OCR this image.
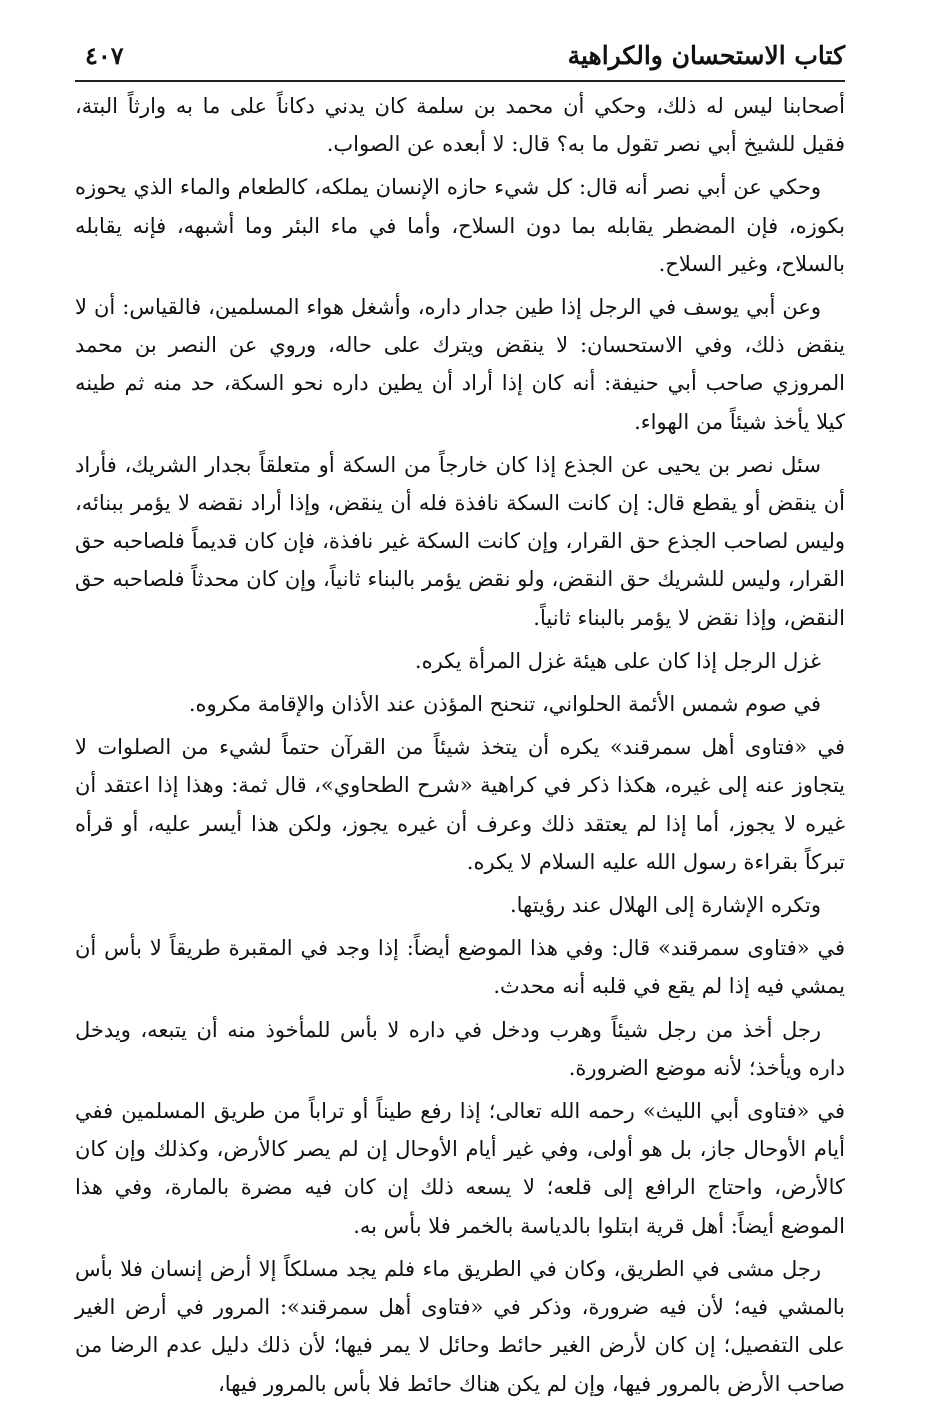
كتاب الاستحسان والكراهية
٤٠٧

أصحابنا ليس له ذلك، وحكي أن محمد بن سلمة كان يدني دكاناً على ما به وارثاً البتة، فقيل للشيخ أبي نصر تقول ما به؟ قال: لا أبعده عن الصواب.

وحكي عن أبي نصر أنه قال: كل شيء حازه الإنسان يملكه، كالطعام والماء الذي يحوزه بكوزه، فإن المضطر يقابله بما دون السلاح، وأما في ماء البئر وما أشبهه، فإنه يقابله بالسلاح، وغير السلاح.

وعن أبي يوسف في الرجل إذا طين جدار داره، وأشغل هواء المسلمين، فالقياس: أن لا ينقض ذلك، وفي الاستحسان: لا ينقض ويترك على حاله، وروي عن النصر بن محمد المروزي صاحب أبي حنيفة: أنه كان إذا أراد أن يطين داره نحو السكة، حد منه ثم طينه كيلا يأخذ شيئاً من الهواء.

سئل نصر بن يحيى عن الجذع إذا كان خارجاً من السكة أو متعلقاً بجدار الشريك، فأراد أن ينقض أو يقطع قال: إن كانت السكة نافذة فله أن ينقض، وإذا أراد نقضه لا يؤمر ببنائه، وليس لصاحب الجذع حق القرار، وإن كانت السكة غير نافذة، فإن كان قديماً فلصاحبه حق القرار، وليس للشريك حق النقض، ولو نقض يؤمر بالبناء ثانياً، وإن كان محدثاً فلصاحبه حق النقض، وإذا نقض لا يؤمر بالبناء ثانياً.

غزل الرجل إذا كان على هيئة غزل المرأة يكره.

في صوم شمس الأئمة الحلواني، تنحنح المؤذن عند الأذان والإقامة مكروه.

في «فتاوى أهل سمرقند» يكره أن يتخذ شيئاً من القرآن حتماً لشيء من الصلوات لا يتجاوز عنه إلى غيره، هكذا ذكر في كراهية «شرح الطحاوي»، قال ثمة: وهذا إذا اعتقد أن غيره لا يجوز، أما إذا لم يعتقد ذلك وعرف أن غيره يجوز، ولكن هذا أيسر عليه، أو قرأه تبركاً بقراءة رسول الله عليه السلام لا يكره.

وتكره الإشارة إلى الهلال عند رؤيتها.

في «فتاوى سمرقند» قال: وفي هذا الموضع أيضاً: إذا وجد في المقبرة طريقاً لا بأس أن يمشي فيه إذا لم يقع في قلبه أنه محدث.

رجل أخذ من رجل شيئاً وهرب ودخل في داره لا بأس للمأخوذ منه أن يتبعه، ويدخل داره ويأخذ؛ لأنه موضع الضرورة.

في «فتاوى أبي الليث» رحمه الله تعالى؛ إذا رفع طيناً أو تراباً من طريق المسلمين ففي أيام الأوحال جاز، بل هو أولى، وفي غير أيام الأوحال إن لم يصر كالأرض، وكذلك وإن كان كالأرض، واحتاج الرافع إلى قلعه؛ لا يسعه ذلك إن كان فيه مضرة بالمارة، وفي هذا الموضع أيضاً: أهل قرية ابتلوا بالدياسة بالخمر فلا بأس به.

رجل مشى في الطريق، وكان في الطريق ماء فلم يجد مسلكاً إلا أرض إنسان فلا بأس بالمشي فيه؛ لأن فيه ضرورة، وذكر في «فتاوى أهل سمرقند»: المرور في أرض الغير على التفصيل؛ إن كان لأرض الغير حائط وحائل لا يمر فيها؛ لأن ذلك دليل عدم الرضا من صاحب الأرض بالمرور فيها، وإن لم يكن هناك حائط فلا بأس بالمرور فيها،
